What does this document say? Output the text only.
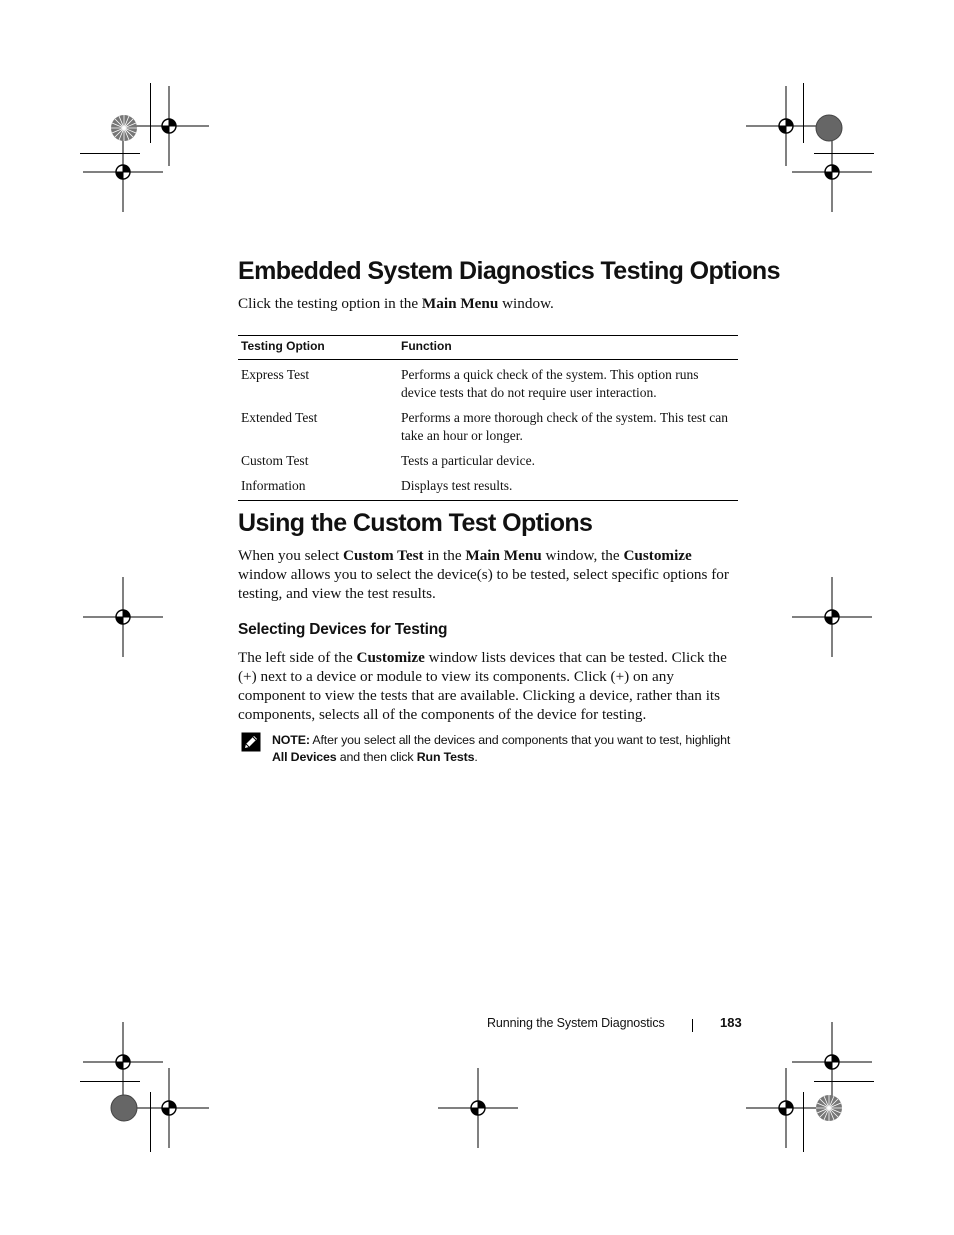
Embedded System Diagnostics Testing Options

Click the testing option in the Main Menu window.

Testing Option	Function
Express Test	Performs a quick check of the system. This option runs device tests that do not require user interaction.
Extended Test	Performs a more thorough check of the system. This test can take an hour or longer.
Custom Test	Tests a particular device.
Information	Displays test results.
Using the Custom Test Options

When you select Custom Test in the Main Menu window, the Customize window allows you to select the device(s) to be tested, select specific options for testing, and view the test results.

Selecting Devices for Testing

The left side of the Customize window lists devices that can be tested. Click the (+) next to a device or module to view its components. Click (+) on any component to view the tests that are available. Clicking a device, rather than its components, selects all of the components of the device for testing.

NOTE: After you select all the devices and components that you want to test, highlight All Devices and then click Run Tests.
Running the System Diagnostics	183
